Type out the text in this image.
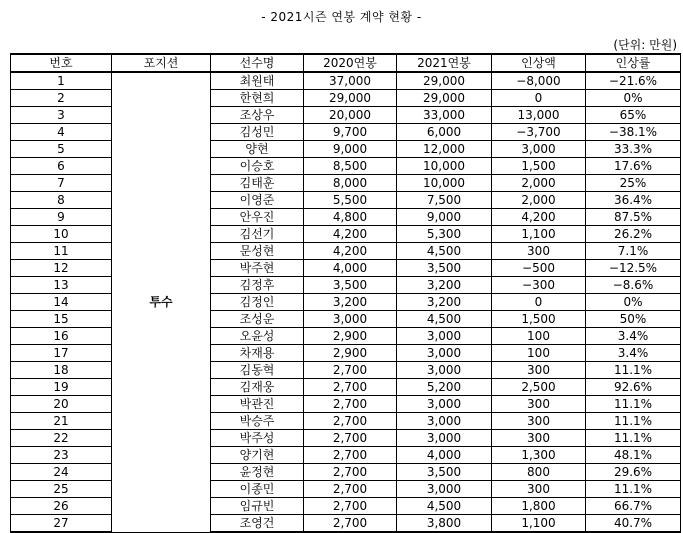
- 2021시즌 연봉 계약 현황 -
(단위: 만원)
번호	포지션	선수명	2020연봉	2021연봉	인상액	인상률
1	투수	최원태	37,000	29,000	−8,000	−21.6%
2		한현희	29,000	29,000	0	0%
3		조상우	20,000	33,000	13,000	65%
4		김성민	9,700	6,000	−3,700	−38.1%
5		양현	9,000	12,000	3,000	33.3%
6		이승호	8,500	10,000	1,500	17.6%
7		김태훈	8,000	10,000	2,000	25%
8		이영준	5,500	7,500	2,000	36.4%
9		안우진	4,800	9,000	4,200	87.5%
10		김선기	4,200	5,300	1,100	26.2%
11		문성현	4,200	4,500	300	7.1%
12		박주현	4,000	3,500	−500	−12.5%
13		김정후	3,500	3,200	−300	−8.6%
14		김정인	3,200	3,200	0	0%
15		조성운	3,000	4,500	1,500	50%
16		오윤성	2,900	3,000	100	3.4%
17		차재용	2,900	3,000	100	3.4%
18		김동혁	2,700	3,000	300	11.1%
19		김재웅	2,700	5,200	2,500	92.6%
20		박관진	2,700	3,000	300	11.1%
21		박승주	2,700	3,000	300	11.1%
22		박주성	2,700	3,000	300	11.1%
23		양기현	2,700	4,000	1,300	48.1%
24		윤정현	2,700	3,500	800	29.6%
25		이종민	2,700	3,000	300	11.1%
26		임규빈	2,700	4,500	1,800	66.7%
27		조영건	2,700	3,800	1,100	40.7%
